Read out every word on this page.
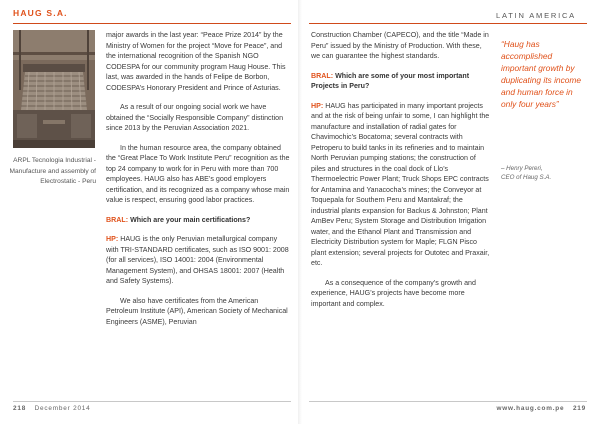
HAUG S.A.	LATIN AMERICA
ARPL Tecnologia Industrial - Manufacture and assembly of Electrostatic - Peru

major awards in the last year: “Peace Prize 2014” by the Ministry of Women for the project “Move for Peace”, and the international recognition of the Spanish NGO CODESPA for our community program Haug House. This last, was awarded in the hands of Felipe de Borbon, CODESPA’s Honorary President and Prince of Asturias.

As a result of our ongoing social work we have obtained the “Socially Responsible Company” distinction since 2013 by the Peruvian Association 2021.

In the human resource area, the company obtained the “Great Place To Work Institute Peru” recognition as the top 24 company to work for in Peru with more than 700 employees. HAUG also has ABE’s good employers certification, and its recognized as a company whose main value is respect, ensuring good labor practices.

BRAL: Which are your main certifications?

HP: HAUG is the only Peruvian metallurgical company with TRI-STANDARD certificates, such as ISO 9001: 2008 (for all services), ISO 14001: 2004 (Environmental Management System), and OHSAS 18001: 2007 (Health and Safety Systems).

We also have certificates from the American Petroleum Institute (API), American Society of Mechanical Engineers (ASME), Peruvian

Construction Chamber (CAPECO), and the title “Made in Peru” issued by the Ministry of Production. With these, we can guarantee the highest standards.

BRAL: Which are some of your most important Projects in Peru?

HP: HAUG has participated in many important projects and at the risk of being unfair to some, I can highlight the manufacture and installation of radial gates for Chavimochic’s Bocatoma; several contracts with Petroperu to build tanks in its refineries and to maintain North Peruvian pumping stations; the construction of piles and structures in the coal dock of Llo’s Thermoelectric Power Plant; Truck Shops EPC contracts for Antamina and Yanacocha’s mines; the Conveyor at Toquepala for Southern Peru and Mantakraf; the industrial plants expansion for Backus & Johnston; Plant AmBev Peru; System Storage and Distribution Irrigation water, and the Ethanol Plant and Transmission and Electricity Distribution system for Maple; FLGN Pisco plant extension; several projects for Outotec and Praxair, etc.

As a consequence of the company’s growth and experience, HAUG’s projects have become more important and complex.

“Haug has accomplished important growth by duplicating its income and human force in only four years”
– Henry Pereri,
CEO of Haug S.A.
218 December 2014	www.haug.com.pe 219
